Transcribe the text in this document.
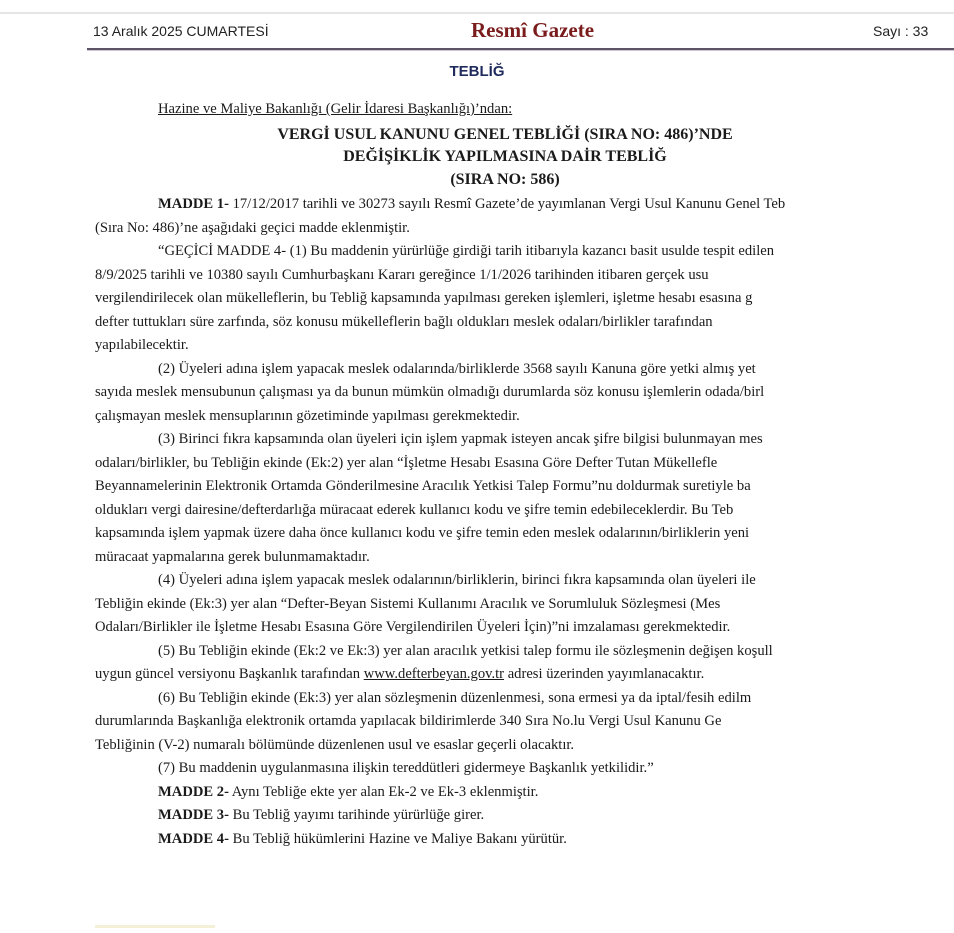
13 Aralık 2025 CUMARTESİ	Resmî Gazete	Sayı : 33
TEBLİĞ
Hazine ve Maliye Bakanlığı (Gelir İdaresi Başkanlığı)’ndan:
VERGİ USUL KANUNU GENEL TEBLİĞİ (SIRA NO: 486)’NDE
DEĞİŞİKLİK YAPILMASINA DAİR TEBLİĞ
(SIRA NO: 586)
MADDE 1- 17/12/2017 tarihli ve 30273 sayılı Resmî Gazete’de yayımlanan Vergi Usul Kanunu Genel Teb
(Sıra No: 486)’ne aşağıdaki geçici madde eklenmiştir.
“GEÇİCİ MADDE 4- (1) Bu maddenin yürürlüğe girdiği tarih itibarıyla kazancı basit usulde tespit edilen
8/9/2025 tarihli ve 10380 sayılı Cumhurbaşkanı Kararı gereğince 1/1/2026 tarihinden itibaren gerçek usu
vergilendirilecek olan mükelleflerin, bu Tebliğ kapsamında yapılması gereken işlemleri, işletme hesabı esasına g
defter tuttukları süre zarfında, söz konusu mükelleflerin bağlı oldukları meslek odaları/birlikler tarafından
yapılabilecektir.
(2) Üyeleri adına işlem yapacak meslek odalarında/birliklerde 3568 sayılı Kanuna göre yetki almış yet
sayıda meslek mensubunun çalışması ya da bunun mümkün olmadığı durumlarda söz konusu işlemlerin odada/birl
çalışmayan meslek mensuplarının gözetiminde yapılması gerekmektedir.
(3) Birinci fıkra kapsamında olan üyeleri için işlem yapmak isteyen ancak şifre bilgisi bulunmayan mes
odaları/birlikler, bu Tebliğin ekinde (Ek:2) yer alan “İşletme Hesabı Esasına Göre Defter Tutan Mükellefle
Beyannamelerinin Elektronik Ortamda Gönderilmesine Aracılık Yetkisi Talep Formu”nu doldurmak suretiyle ba
oldukları vergi dairesine/defterdarlığa müracaat ederek kullanıcı kodu ve şifre temin edebileceklerdir. Bu Teb
kapsamında işlem yapmak üzere daha önce kullanıcı kodu ve şifre temin eden meslek odalarının/birliklerin yeni
müracaat yapmalarına gerek bulunmamaktadır.
(4) Üyeleri adına işlem yapacak meslek odalarının/birliklerin, birinci fıkra kapsamında olan üyeleri ile
Tebliğin ekinde (Ek:3) yer alan “Defter-Beyan Sistemi Kullanımı Aracılık ve Sorumluluk Sözleşmesi (Mes
Odaları/Birlikler ile İşletme Hesabı Esasına Göre Vergilendirilen Üyeleri İçin)”ni imzalaması gerekmektedir.
(5) Bu Tebliğin ekinde (Ek:2 ve Ek:3) yer alan aracılık yetkisi talep formu ile sözleşmenin değişen koşull
uygun güncel versiyonu Başkanlık tarafından www.defterbeyan.gov.tr adresi üzerinden yayımlanacaktır.
(6) Bu Tebliğin ekinde (Ek:3) yer alan sözleşmenin düzenlenmesi, sona ermesi ya da iptal/fesih edilm
durumlarında Başkanlığa elektronik ortamda yapılacak bildirimlerde 340 Sıra No.lu Vergi Usul Kanunu Ge
Tebliğinin (V-2) numaralı bölümünde düzenlenen usul ve esaslar geçerli olacaktır.
(7) Bu maddenin uygulanmasına ilişkin tereddütleri gidermeye Başkanlık yetkilidir.”
MADDE 2- Aynı Tebliğe ekte yer alan Ek-2 ve Ek-3 eklenmiştir.
MADDE 3- Bu Tebliğ yayımı tarihinde yürürlüğe girer.
MADDE 4- Bu Tebliğ hükümlerini Hazine ve Maliye Bakanı yürütür.
